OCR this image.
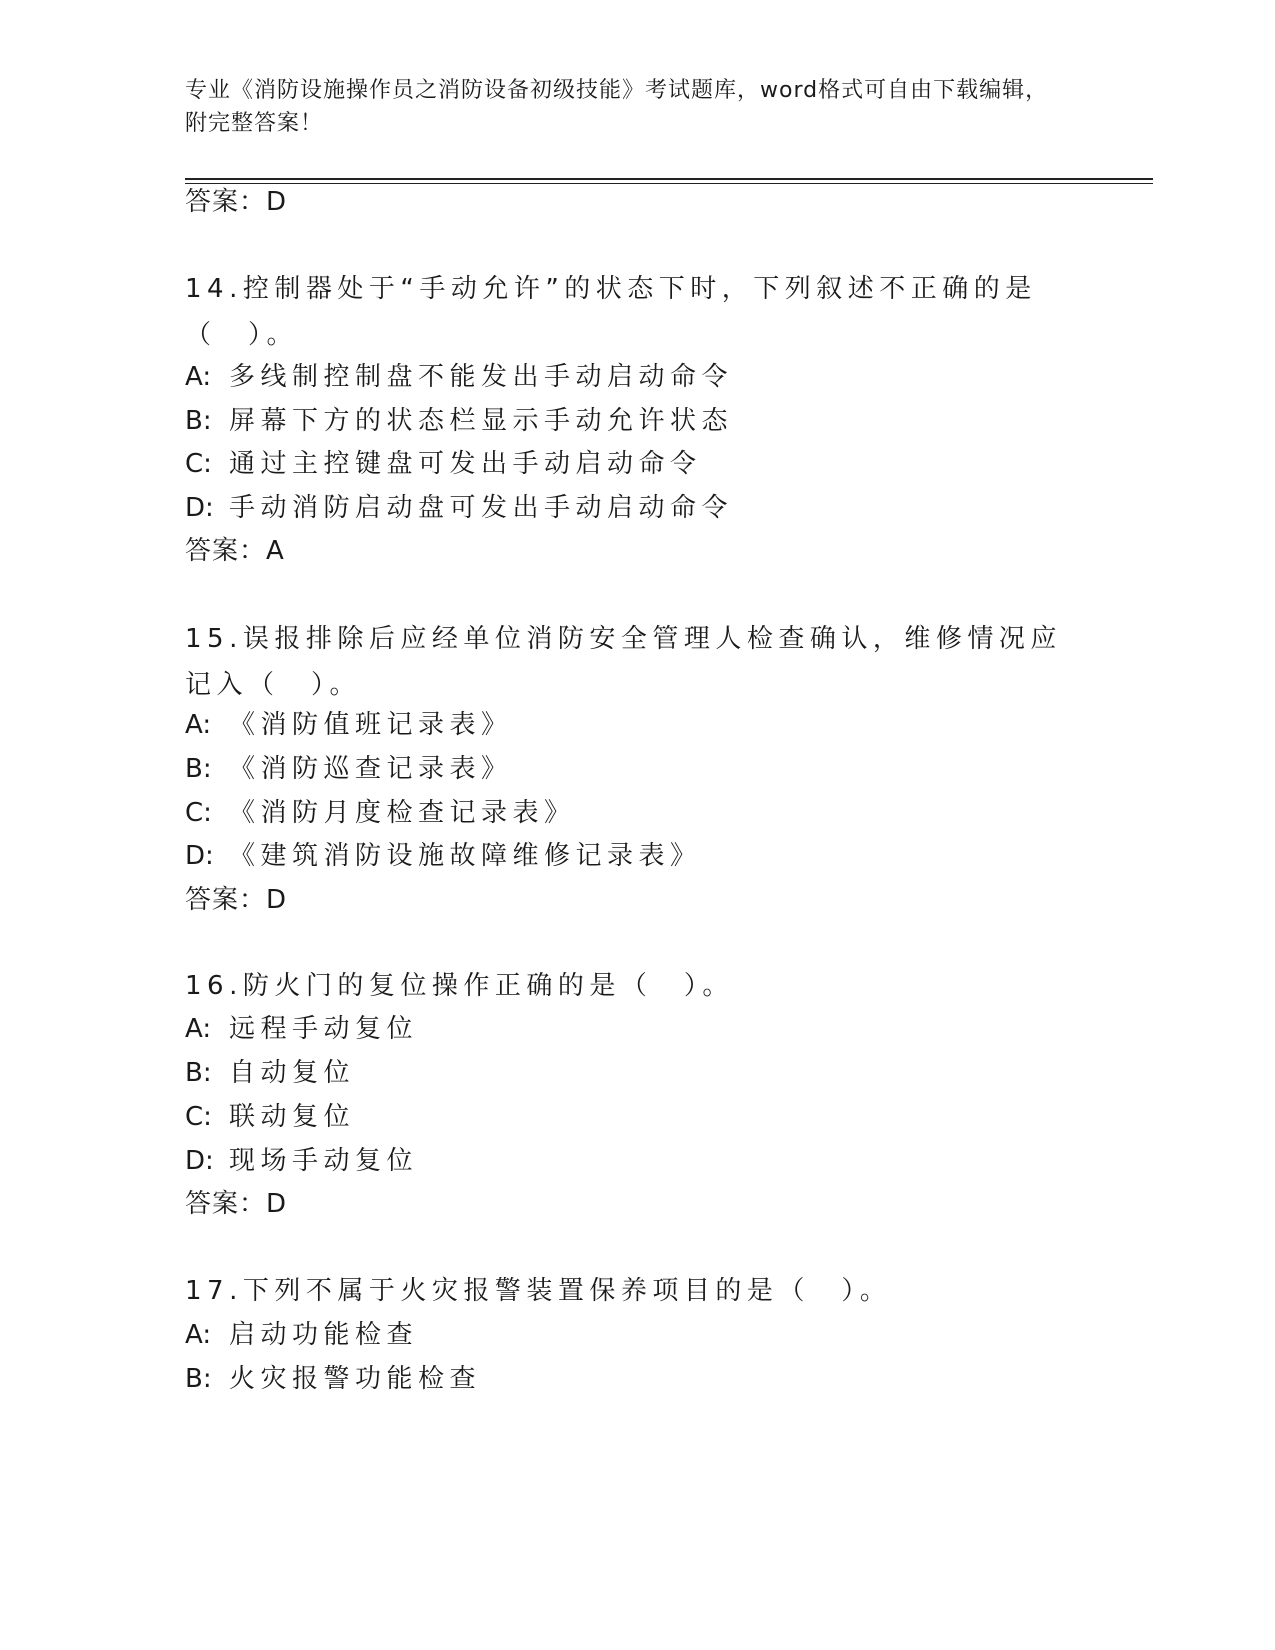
专业《消防设施操作员之消防设备初级技能》考试题库，word格式可自由下载编辑，附完整答案！
答案：D
14.控制器处于“手动允许”的状态下时，下列叙述不正确的是（　）。
A: 多线制控制盘不能发出手动启动命令
B: 屏幕下方的状态栏显示手动允许状态
C: 通过主控键盘可发出手动启动命令
D: 手动消防启动盘可发出手动启动命令
答案：A
15.误报排除后应经单位消防安全管理人检查确认，维修情况应记入（　）。
A: 《消防值班记录表》
B: 《消防巡查记录表》
C: 《消防月度检查记录表》
D: 《建筑消防设施故障维修记录表》
答案：D
16.防火门的复位操作正确的是（　）。
A: 远程手动复位
B: 自动复位
C: 联动复位
D: 现场手动复位
答案：D
17.下列不属于火灾报警装置保养项目的是（　）。
A: 启动功能检查
B: 火灾报警功能检查
